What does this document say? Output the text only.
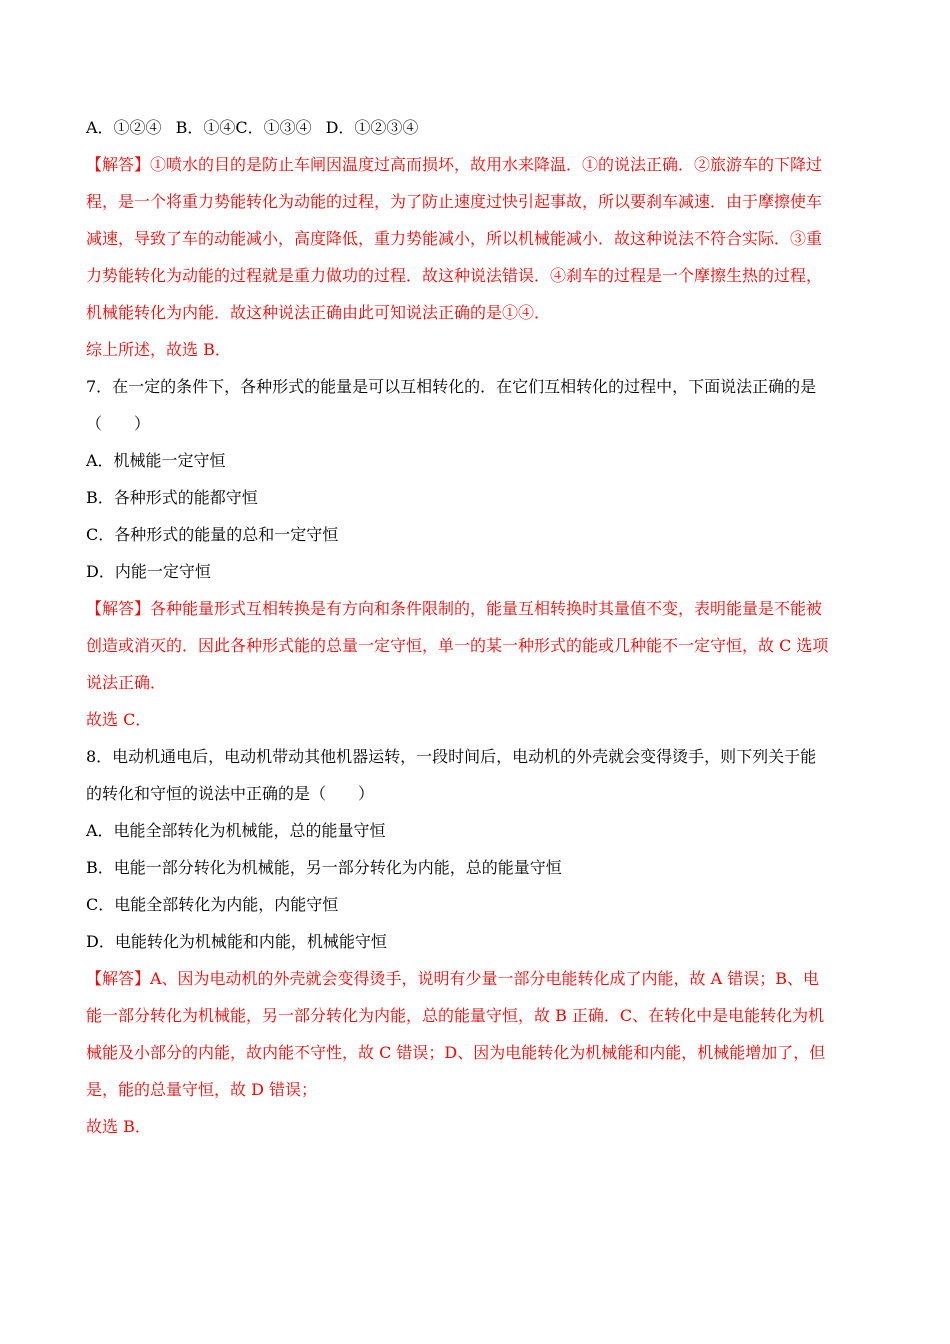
A．①②④ B．①④C．①③④ D．①②③④
【解答】①喷水的目的是防止车闸因温度过高而损坏，故用水来降温．①的说法正确．②旅游车的下降过
程，是一个将重力势能转化为动能的过程，为了防止速度过快引起事故，所以要刹车减速．由于摩擦使车
减速，导致了车的动能减小，高度降低，重力势能减小，所以机械能减小．故这种说法不符合实际．③重
力势能转化为动能的过程就是重力做功的过程．故这种说法错误．④刹车的过程是一个摩擦生热的过程，
机械能转化为内能．故这种说法正确由此可知说法正确的是①④．
综上所述，故选 B．
7．在一定的条件下，各种形式的能量是可以互相转化的．在它们互相转化的过程中，下面说法正确的是
（　　）
A．机械能一定守恒
B．各种形式的能都守恒
C．各种形式的能量的总和一定守恒
D．内能一定守恒
【解答】各种能量形式互相转换是有方向和条件限制的，能量互相转换时其量值不变，表明能量是不能被
创造或消灭的．因此各种形式能的总量一定守恒，单一的某一种形式的能或几种能不一定守恒，故 C 选项
说法正确．
故选 C．
8．电动机通电后，电动机带动其他机器运转，一段时间后，电动机的外壳就会变得烫手，则下列关于能
的转化和守恒的说法中正确的是（　　）
A．电能全部转化为机械能，总的能量守恒
B．电能一部分转化为机械能，另一部分转化为内能，总的能量守恒
C．电能全部转化为内能，内能守恒
D．电能转化为机械能和内能，机械能守恒
【解答】A、因为电动机的外壳就会变得烫手，说明有少量一部分电能转化成了内能，故 A 错误；B、电
能一部分转化为机械能，另一部分转化为内能，总的能量守恒，故 B 正确．C、在转化中是电能转化为机
械能及小部分的内能，故内能不守性，故 C 错误；D、因为电能转化为机械能和内能，机械能增加了，但
是，能的总量守恒，故 D 错误；
故选 B．
